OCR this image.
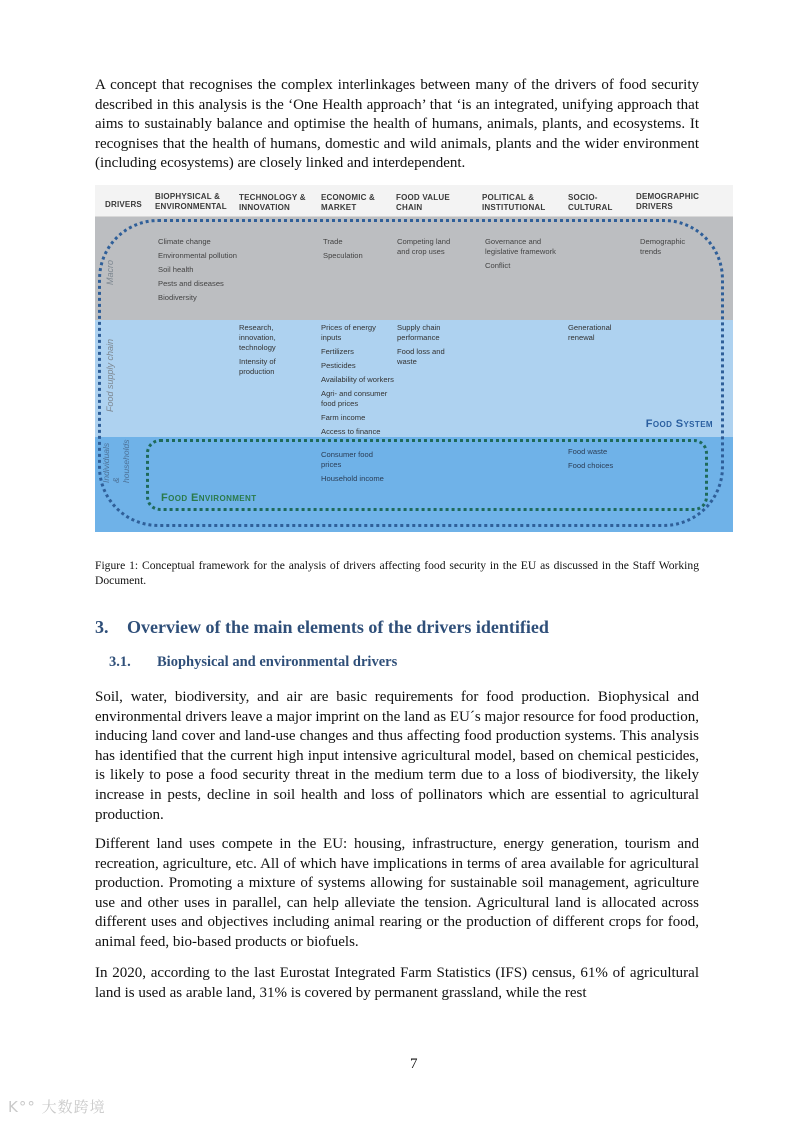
A concept that recognises the complex interlinkages between many of the drivers of food security described in this analysis is the ‘One Health approach’ that ‘is an integrated, unifying approach that aims to sustainably balance and optimise the health of humans, animals, plants, and ecosystems. It recognises that the health of humans, domestic and wild animals, plants and the wider environment (including ecosystems) are closely linked and interdependent.

DRIVERS
BIOPHYSICAL & ENVIRONMENTAL
TECHNOLOGY & INNOVATION
ECONOMIC & MARKET
FOOD VALUE CHAIN
POLITICAL & INSTITUTIONAL
SOCIO-CULTURAL
DEMOGRAPHIC DRIVERS
Macro
Climate change
Environmental pollution
Soil health
Pests and diseases
Biodiversity
Trade
Speculation
Competing land and crop uses
Governance and legislative framework
Conflict
Demographic trends
Food supply chain
Research, innovation, technology
Intensity of production
Prices of energy inputs
Fertilizers
Pesticides
Availability of workers
Agri- and consumer food prices
Farm income
Access to finance
Supply chain performance
Food loss and waste
Generational renewal
Food System
Individuals & households	Consumer food prices
Household income
Food waste
Food choices
Food Environment

Figure 1: Conceptual framework for the analysis of drivers affecting food security in the EU as discussed in the Staff Working Document.

3. Overview of the main elements of the drivers identified
3.1. Biophysical and environmental drivers

Soil, water, biodiversity, and air are basic requirements for food production. Biophysical and environmental drivers leave a major imprint on the land as EU´s major resource for food production, inducing land cover and land-use changes and thus affecting food production systems. This analysis has identified that the current high input intensive agricultural model, based on chemical pesticides, is likely to pose a food security threat in the medium term due to a loss of biodiversity, the likely increase in pests, decline in soil health and loss of pollinators which are essential to agricultural production.

Different land uses compete in the EU: housing, infrastructure, energy generation, tourism and recreation, agriculture, etc. All of which have implications in terms of area available for agricultural production. Promoting a mixture of systems allowing for sustainable soil management, agriculture use and other uses in parallel, can help alleviate the tension. Agricultural land is allocated across different uses and objectives including animal rearing or the production of different crops for food, animal feed, bio-based products or biofuels.

In 2020, according to the last Eurostat Integrated Farm Statistics (IFS) census, 61% of agricultural land is used as arable land, 31% is covered by permanent grassland, while the rest

7
K°° 大数跨境
